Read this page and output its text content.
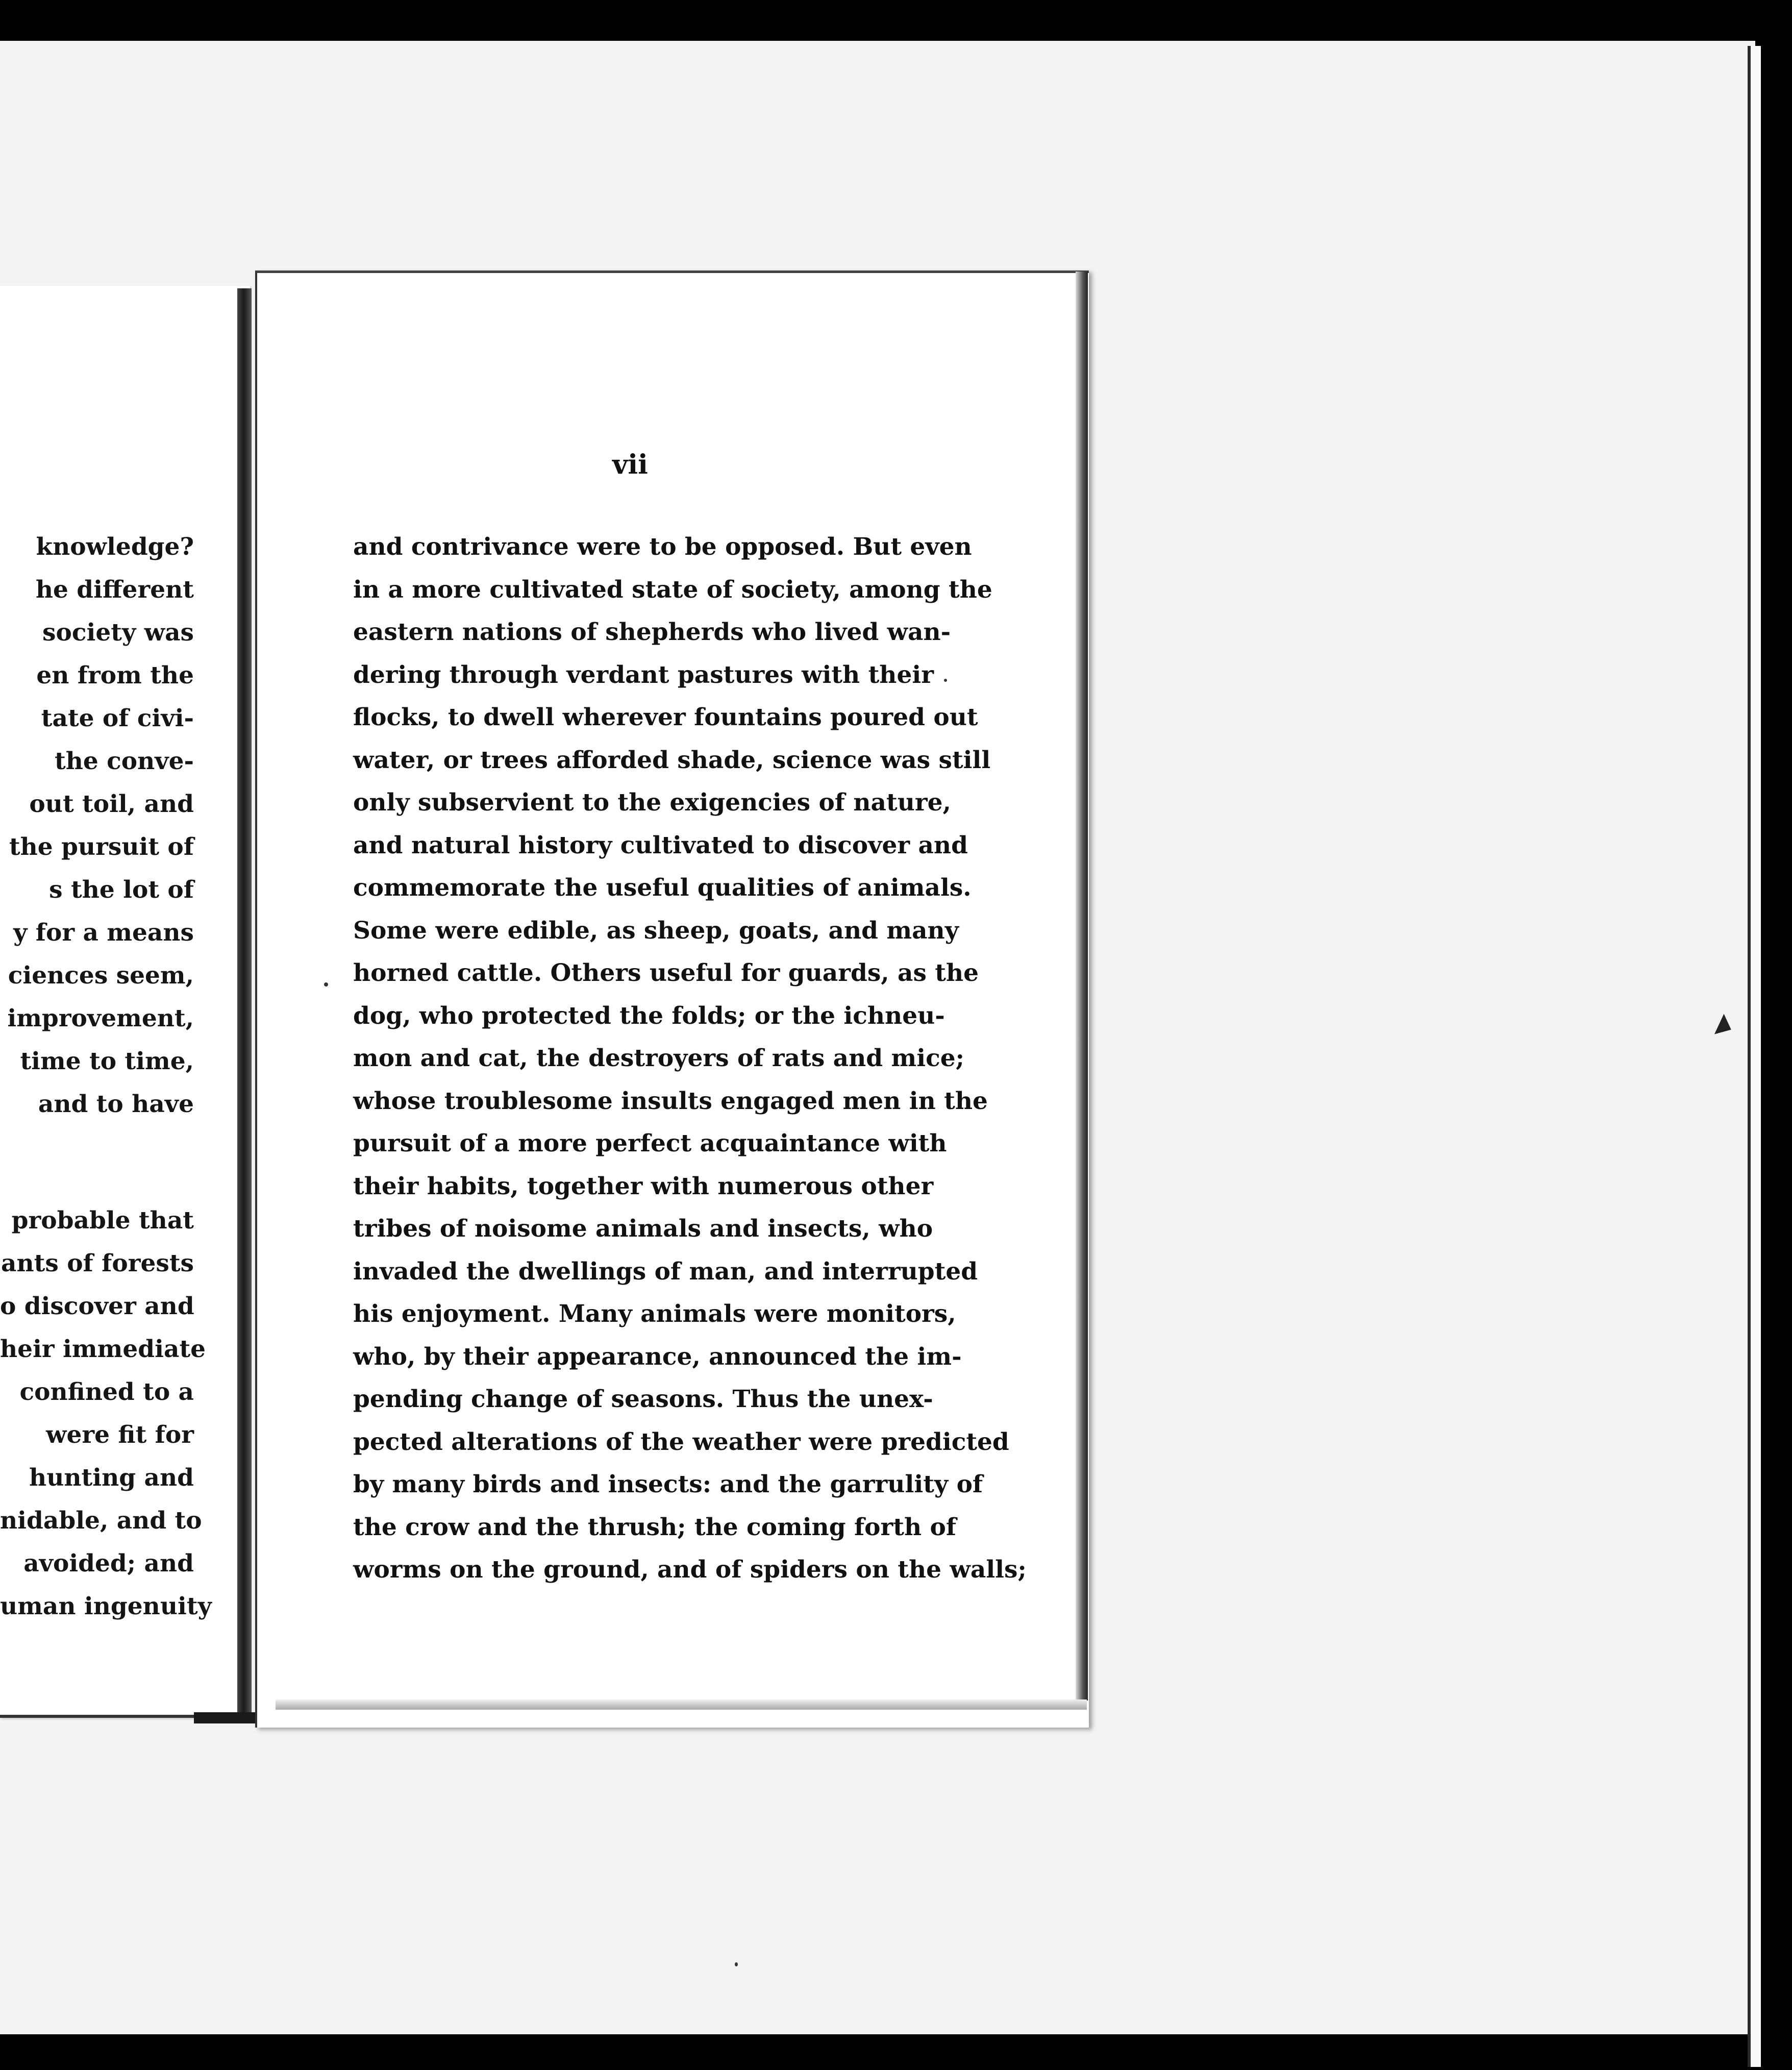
knowledge?
he different
society was
en from the
tate of civi-
the conve-
out toil, and
the pursuit of
s the lot of
y for a means
ciences seem,
improvement,
time to time,
and to have
probable that
ants of forests
o discover and
heir immediate
confined to a
were fit for
hunting and
nidable, and to
avoided; and
uman ingenuity
vii
and contrivance were to be opposed. But even
in a more cultivated state of society, among the
eastern nations of shepherds who lived wan-
dering through verdant pastures with their
flocks, to dwell wherever fountains poured out
water, or trees afforded shade, science was still
only subservient to the exigencies of nature,
and natural history cultivated to discover and
commemorate the useful qualities of animals.
Some were edible, as sheep, goats, and many
horned cattle. Others useful for guards, as the
dog, who protected the folds; or the ichneu-
mon and cat, the destroyers of rats and mice;
whose troublesome insults engaged men in the
pursuit of a more perfect acquaintance with
their habits, together with numerous other
tribes of noisome animals and insects, who
invaded the dwellings of man, and interrupted
his enjoyment. Many animals were monitors,
who, by their appearance, announced the im-
pending change of seasons. Thus the unex-
pected alterations of the weather were predicted
by many birds and insects: and the garrulity of
the crow and the thrush; the coming forth of
worms on the ground, and of spiders on the walls;
